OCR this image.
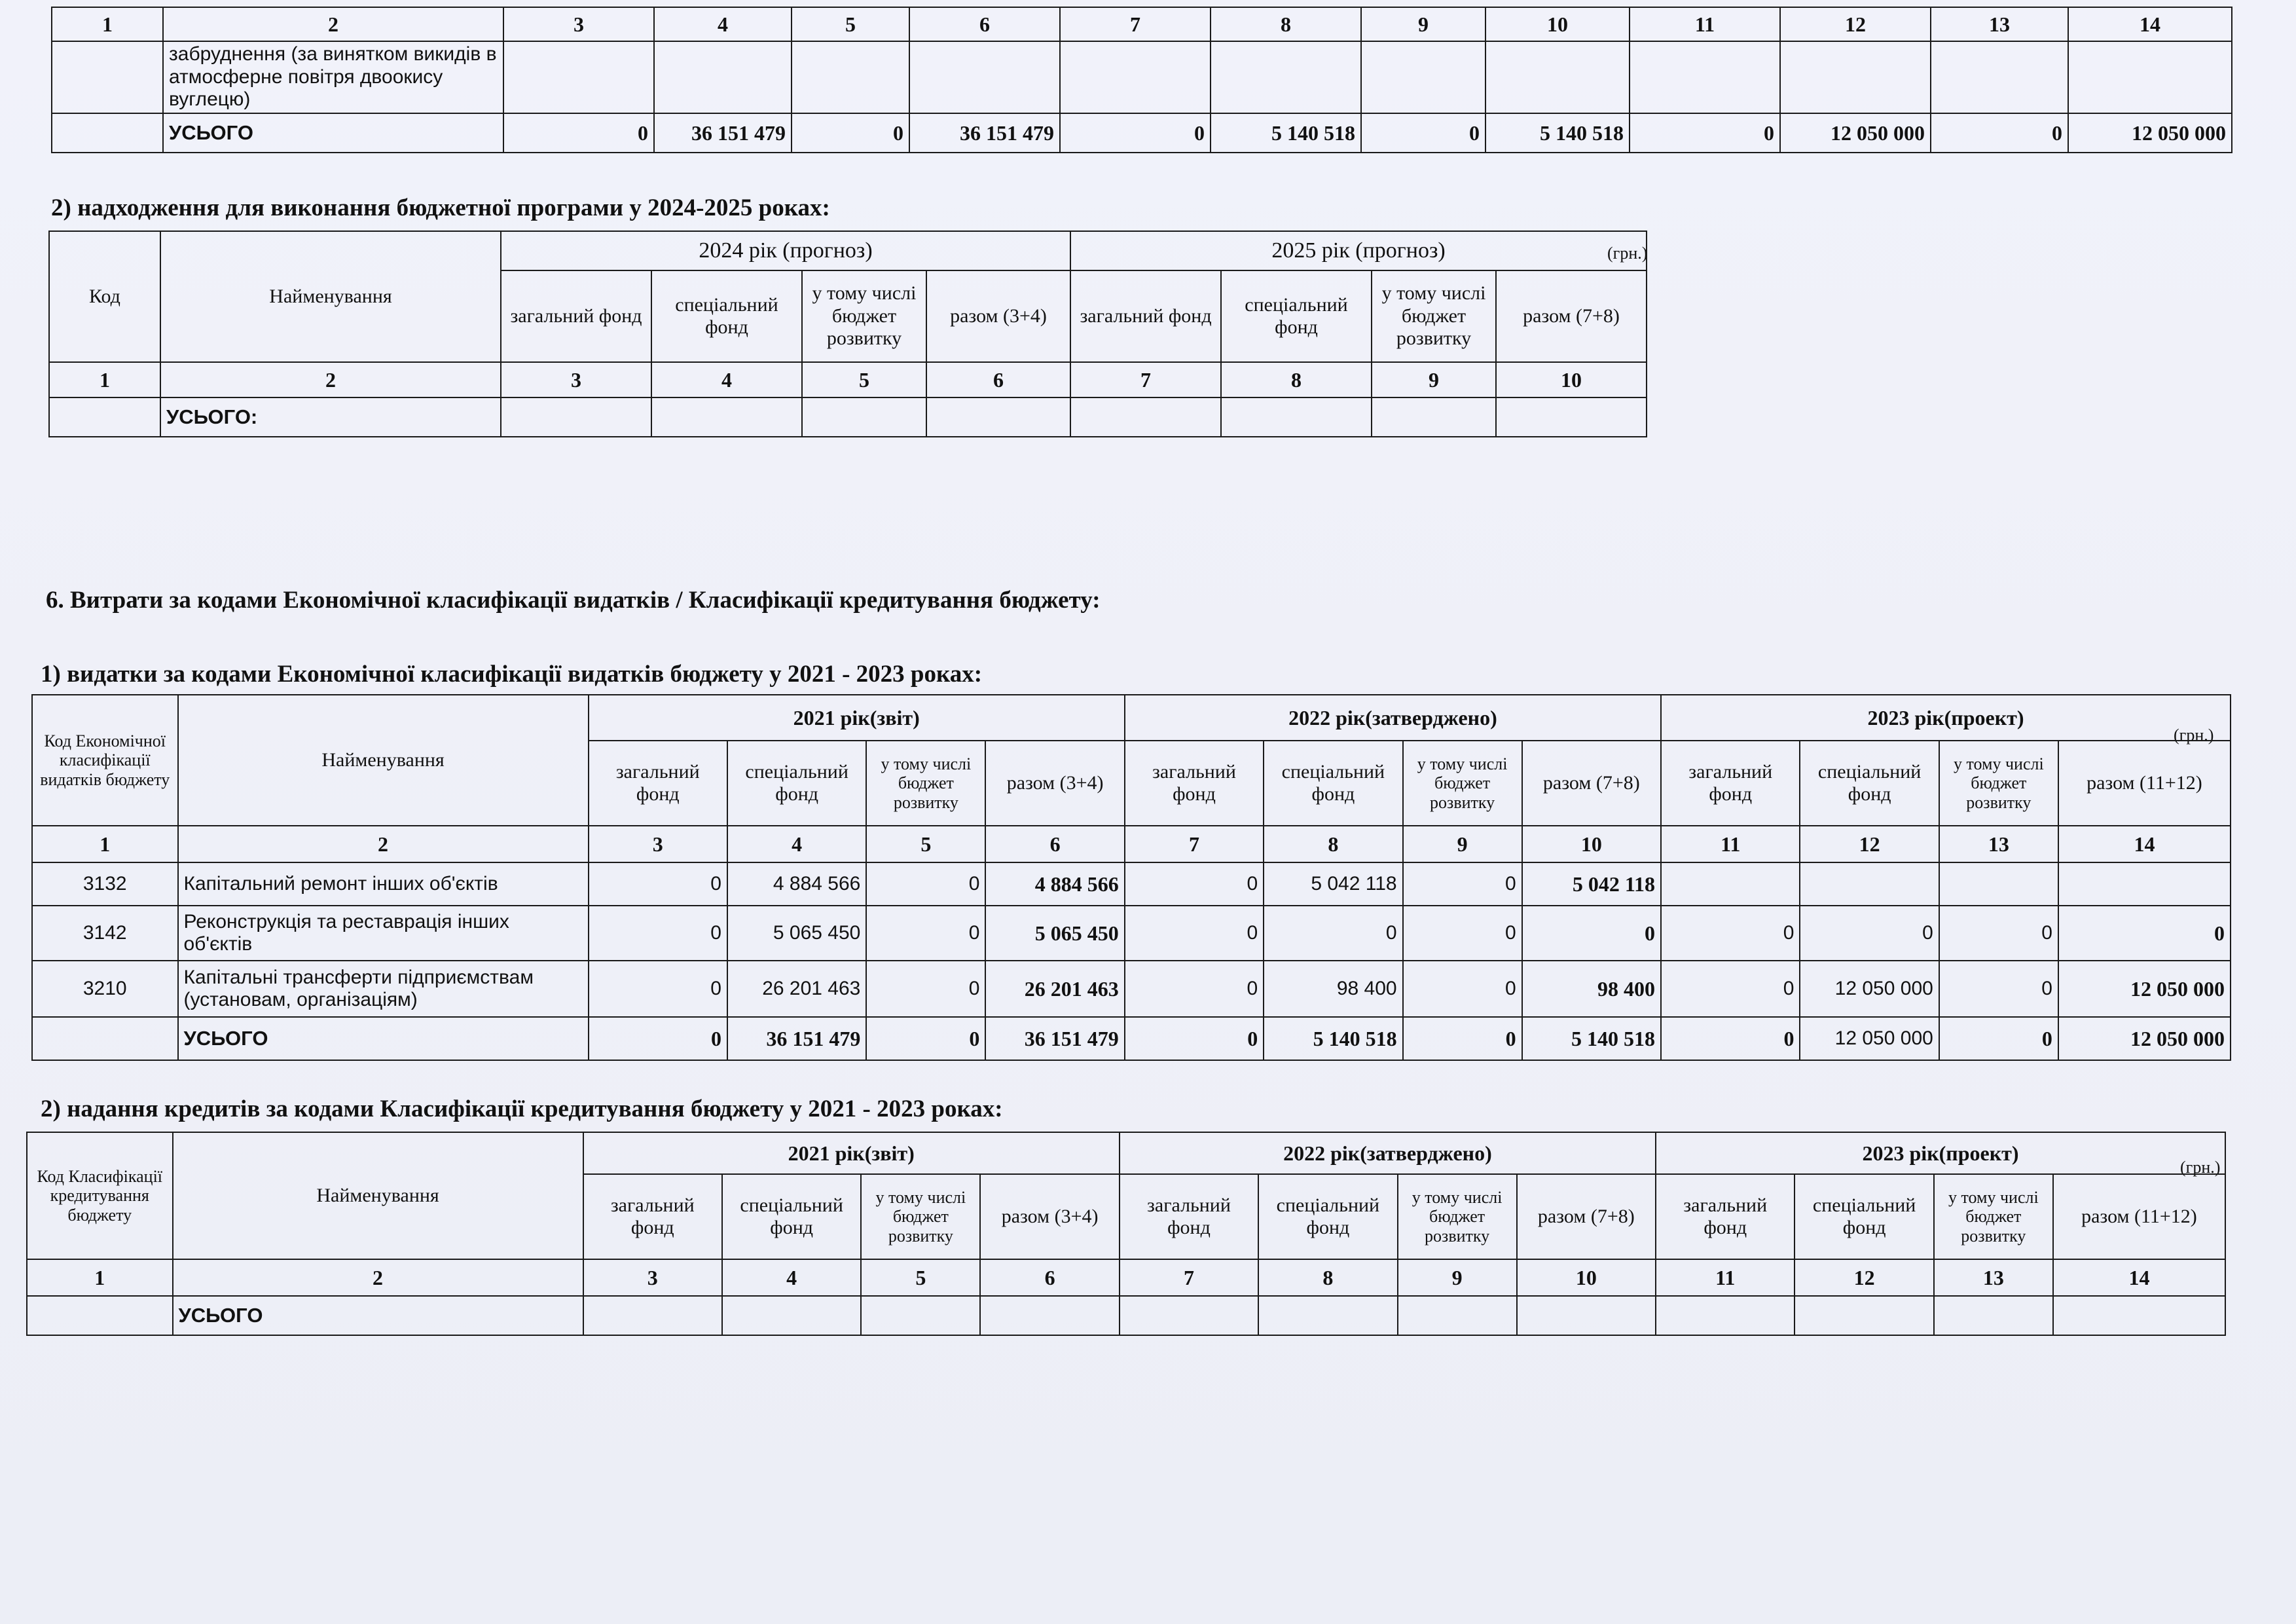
1	2	3	4	5	6	7	8	9	10	11	12	13	14
	забруднення (за винятком викидів в атмосферне повітря двоокису вуглецю)												
	УСЬОГО	0	36 151 479	0	36 151 479	0	5 140 518	0	5 140 518	0	12 050 000	0	12 050 000
2) надходження для виконання бюджетної програми у 2024-2025 роках:
(грн.)
Код	Найменування	2024 рік (прогноз)				2025 рік (прогноз)			
		загальний фонд	спеціальний фонд	у тому числі бюджет розвитку	разом (3+4)	загальний фонд	спеціальний фонд	у тому числі бюджет розвитку	разом (7+8)
1	2	3	4	5	6	7	8	9	10
	УСЬОГО:								
6. Витрати за кодами Економічної класифікації видатків / Класифікації кредитування бюджету:
1) видатки за кодами Економічної класифікації видатків бюджету у 2021 - 2023 роках:
(грн.)
Код Економічної класифікації видатків бюджету	Найменування	2021 рік(звіт)				2022 рік(затверджено)				2023 рік(проект)			
		загальний фонд	спеціальний фонд	у тому числі бюджет розвитку	разом (3+4)	загальний фонд	спеціальний фонд	у тому числі бюджет розвитку	разом (7+8)	загальний фонд	спеціальний фонд	у тому числі бюджет розвитку	разом (11+12)
1	2	3	4	5	6	7	8	9	10	11	12	13	14
3132	Капітальний ремонт інших об'єктів	0	4 884 566	0	4 884 566	0	5 042 118	0	5 042 118				
3142	Реконструкція та реставрація інших об'єктів	0	5 065 450	0	5 065 450	0	0	0	0	0	0	0	0
3210	Капітальні трансферти підприємствам (установам, організаціям)	0	26 201 463	0	26 201 463	0	98 400	0	98 400	0	12 050 000	0	12 050 000
	УСЬОГО	0	36 151 479	0	36 151 479	0	5 140 518	0	5 140 518	0	12 050 000	0	12 050 000
2) надання кредитів за кодами Класифікації кредитування бюджету у 2021 - 2023 роках:
(грн.)
Код Класифікації кредитування бюджету	Найменування	2021 рік(звіт)				2022 рік(затверджено)				2023 рік(проект)			
		загальний фонд	спеціальний фонд	у тому числі бюджет розвитку	разом (3+4)	загальний фонд	спеціальний фонд	у тому числі бюджет розвитку	разом (7+8)	загальний фонд	спеціальний фонд	у тому числі бюджет розвитку	разом (11+12)
1	2	3	4	5	6	7	8	9	10	11	12	13	14
	УСЬОГО												
